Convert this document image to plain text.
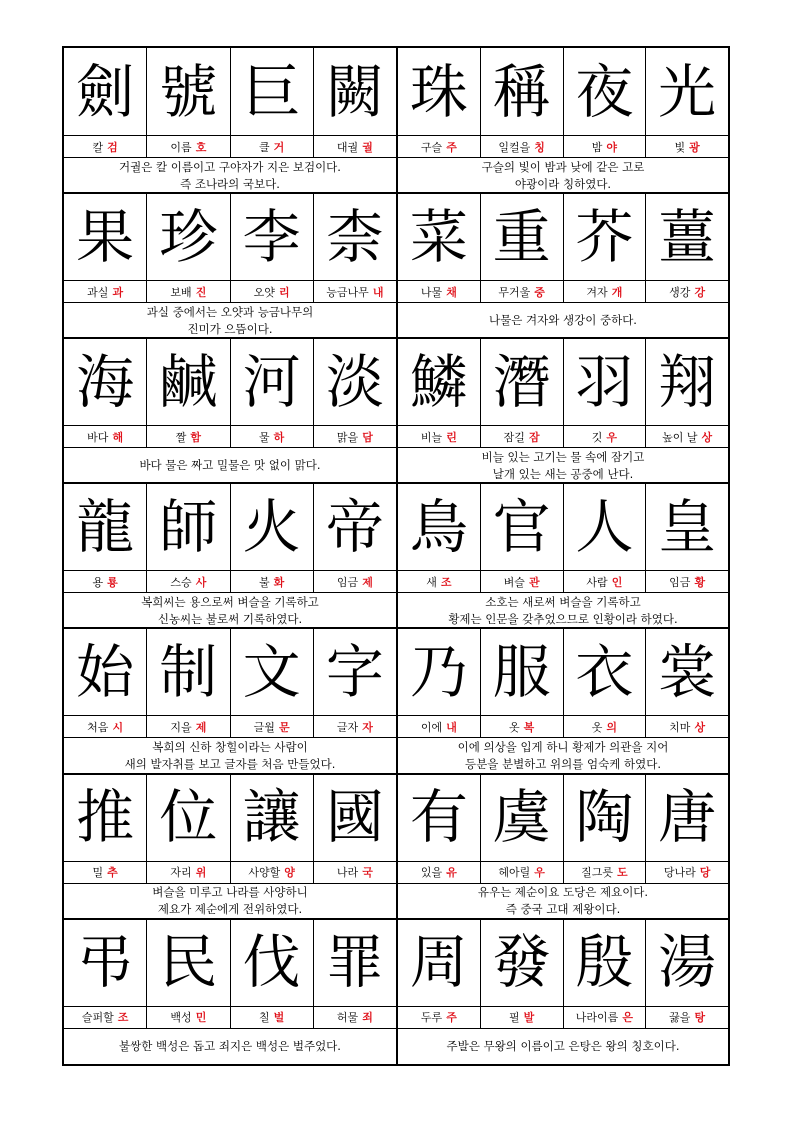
劍 號 巨 闕
칼 검	이름 호	클 거	대궐 궐
거궐은 칼 이름이고 구야자가 지은 보검이다.
즉 조나라의 국보다.
珠 稱 夜 光
구슬 주	일컬을 칭	밤 야	빛 광
구슬의 빛이 밤과 낮에 같은 고로
야광이라 칭하였다.
果 珍 李 柰
과실 과	보배 진	오얏 리	능금나무 내
과실 중에서는 오얏과 능금나무의
진미가 으뜸이다.
菜 重 芥 薑
나물 채	무거울 중	겨자 개	생강 강
나물은 겨자와 생강이 중하다.
海 鹹 河 淡
바다 해	짤 함	물 하	맑을 담
바다 물은 짜고 밀물은 맛 없이 맑다.
鱗 潛 羽 翔
비늘 린	잠길 잠	깃 우	높이 날 상
비늘 있는 고기는 물 속에 잠기고
날개 있는 새는 공중에 난다.
龍 師 火 帝
용 룡	스승 사	불 화	임금 제
복희씨는 용으로써 벼슬을 기록하고
신농씨는 불로써 기록하였다.
鳥 官 人 皇
새 조	벼슬 관	사람 인	임금 황
소호는 새로써 벼슬을 기록하고
황제는 인문을 갖추었으므로 인황이라 하였다.
始 制 文 字
처음 시	지을 제	글월 문	글자 자
복희의 신하 창힐이라는 사람이
새의 발자취를 보고 글자를 처음 만들었다.
乃 服 衣 裳
이에 내	옷 복	옷 의	치마 상
이에 의상을 입게 하니 황제가 의관을 지어
등분을 분별하고 위의를 엄숙케 하였다.
推 位 讓 國
밀 추	자리 위	사양할 양	나라 국
벼슬을 미루고 나라를 사양하니
제요가 제순에게 전위하였다.
有 虞 陶 唐
있을 유	헤아릴 우	질그릇 도	당나라 당
유우는 제순이요 도당은 제요이다.
즉 중국 고대 제왕이다.
弔 民 伐 罪
슬퍼할 조	백성 민	칠 벌	허물 죄
불쌍한 백성은 돕고 죄지은 백성은 벌주었다.
周 發 殷 湯
두루 주	필 발	나라이름 은	끓을 탕
주발은 무왕의 이름이고 은탕은 왕의 칭호이다.
